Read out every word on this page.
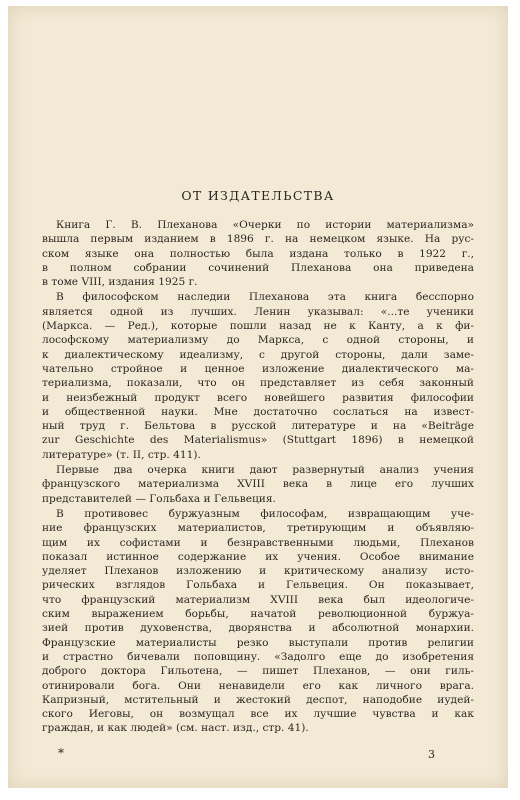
ОТ ИЗДАТЕЛЬСТВА
Книга Г. В. Плеханова «Очерки по истории материализма»
вышла первым изданием в 1896 г. на немецком языке. На рус-
ском языке она полностью была издана только в 1922 г.,
в полном собрании сочинений Плеханова она приведена
в томе VIII, издания 1925 г.
В философском наследии Плеханова эта книга бесспорно
является одной из лучших. Ленин указывал: «...те ученики
(Маркса. — Ред.), которые пошли назад не к Канту, а к фи-
лософскому материализму до Маркса, с одной стороны, и
к диалектическому идеализму, с другой стороны, дали заме-
чательно стройное и ценное изложение диалектического ма-
териализма, показали, что он представляет из себя законный
и неизбежный продукт всего новейшего развития философии
и общественной науки. Мне достаточно сослаться на извест-
ный труд г. Бельтова в русской литературе и на «Beiträge
zur Geschichte des Materialismus» (Stuttgart 1896) в немецкой
литературе» (т. II, стр. 411).
Первые два очерка книги дают развернутый анализ учения
французского материализма XVIII века в лице его лучших
представителей — Гольбаха и Гельвеция.
В противовес буржуазным философам, извращающим уче-
ние французских материалистов, третирующим и объявляю-
щим их софистами и безнравственными людьми, Плеханов
показал истинное содержание их учения. Особое внимание
уделяет Плеханов изложению и критическому анализу исто-
рических взглядов Гольбаха и Гельвеция. Он показывает,
что французский материализм XVIII века был идеологиче-
ским выражением борьбы, начатой революционной буржуа-
зией против духовенства, дворянства и абсолютной монархии.
Французские материалисты резко выступали против религии
и страстно бичевали поповщину. «Задолго еще до изобретения
доброго доктора Гильотена, — пишет Плеханов, — они гиль-
отинировали бога. Они ненавидели его как личного врага.
Капризный, мстительный и жестокий деспот, наподобие иудей-
ского Иеговы, он возмущал все их лучшие чувства и как
граждан, и как людей» (см. наст. изд., стр. 41).
*	3
